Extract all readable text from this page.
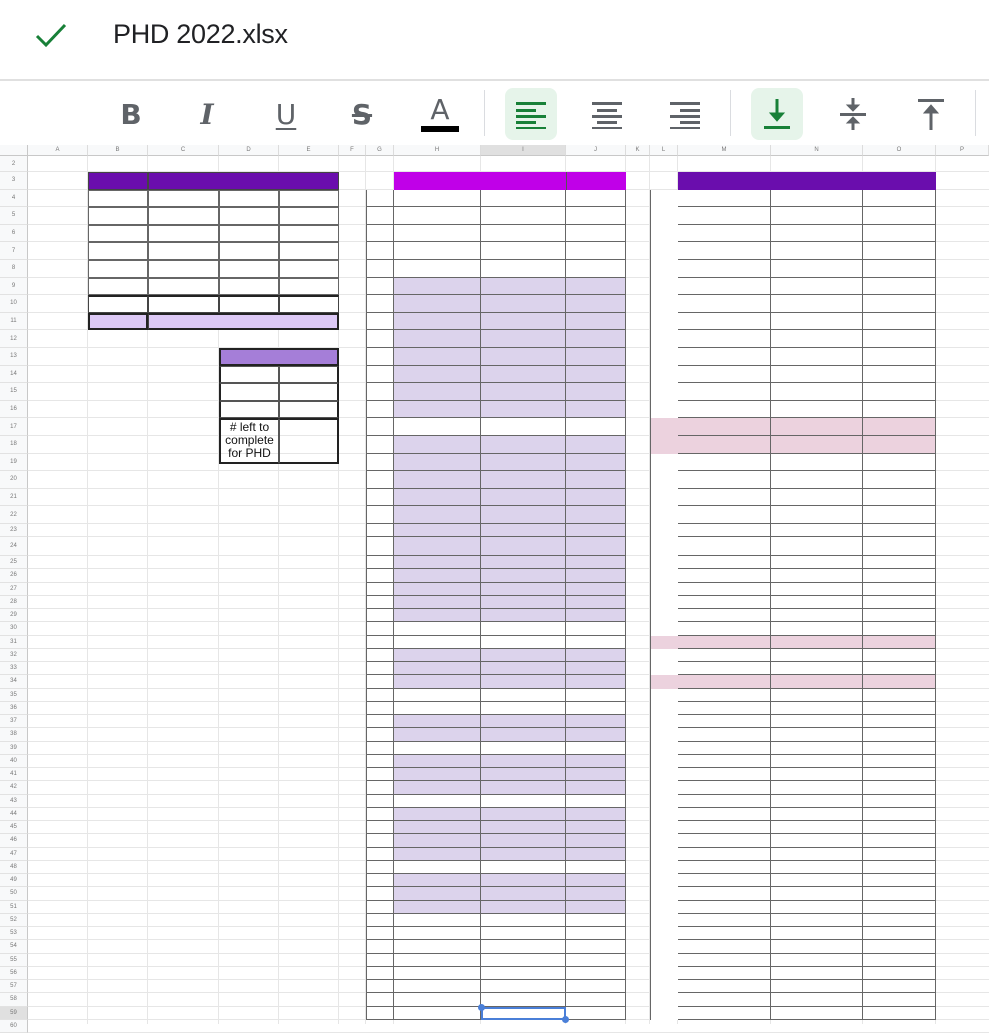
PHD 2022.xlsx
B I U S A
A	B	C	D	E	F	G	H	I	J	K	L	M	N	O	P
2
3
4
5
6
7
8
9
10
11
12
13
14
15
16
17
18
19
20
21
22
23
24
25
26
27
28
29
30
31
32
33
34
35
36
37
38
39
40
41
42
43
44
45
46
47
48
49
50
51
52
53
54
55
56
57
58
59
60
# left to
complete
for PHD
